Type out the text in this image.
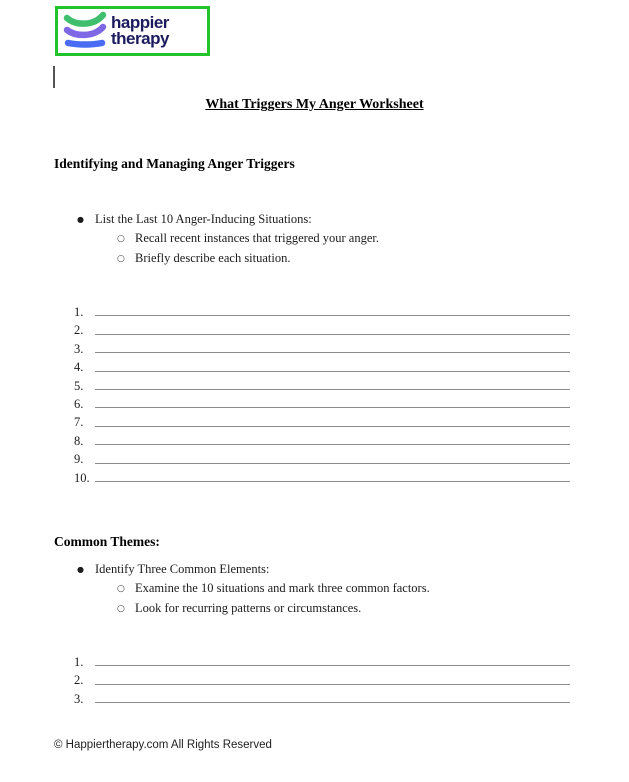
happier
therapy
What Triggers My Anger Worksheet
Identifying and Managing Anger Triggers
● List the Last 10 Anger-Inducing Situations:
○ Recall recent instances that triggered your anger.
○ Briefly describe each situation.
1.
2.
3.
4.
5.
6.
7.
8.
9.
10.
Common Themes:
● Identify Three Common Elements:
○ Examine the 10 situations and mark three common factors.
○ Look for recurring patterns or circumstances.
1.
2.
3.
© Happiertherapy.com All Rights Reserved
